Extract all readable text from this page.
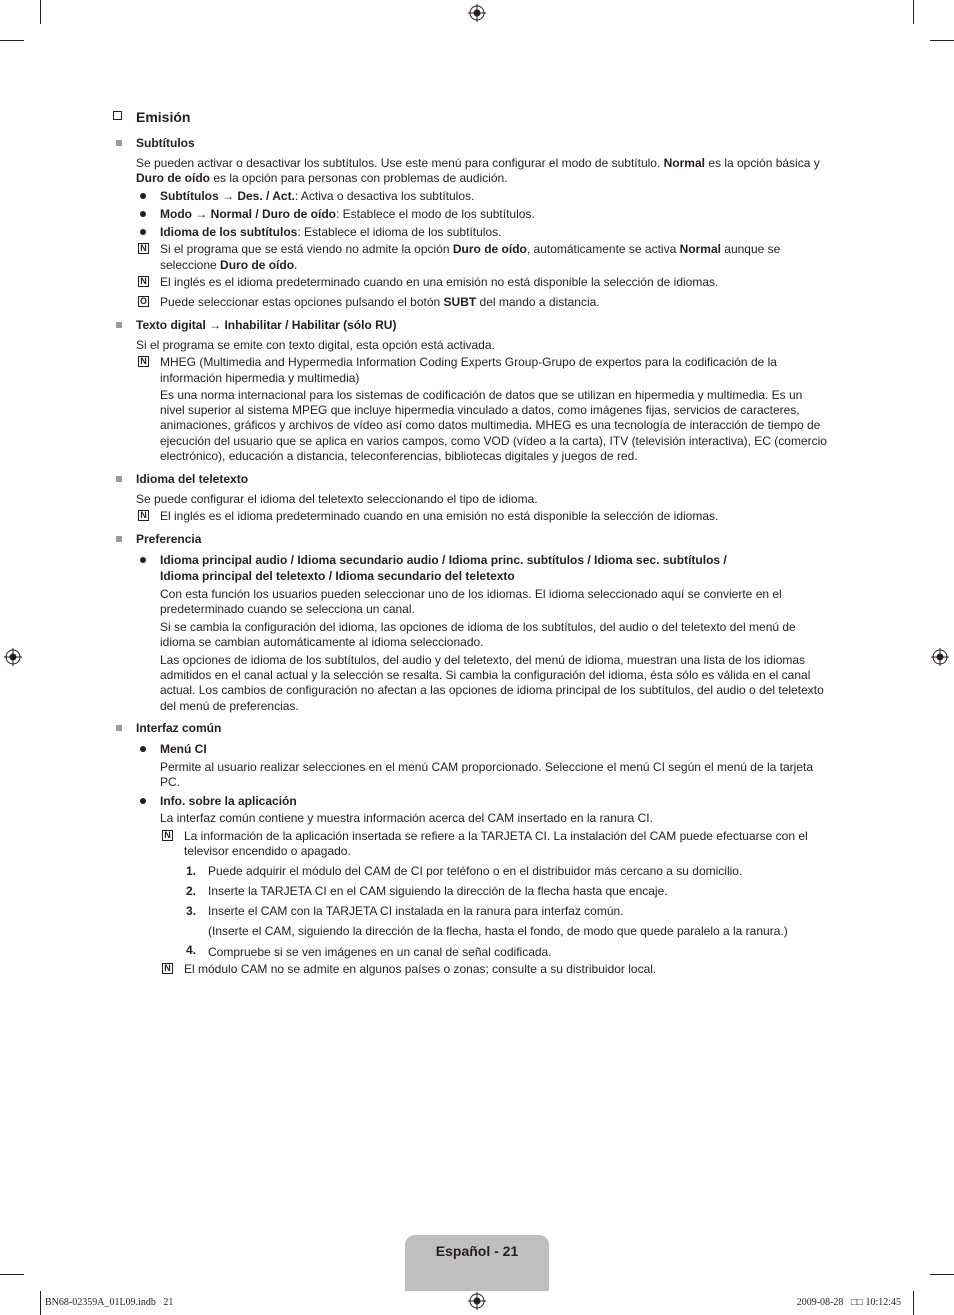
Emisión
Subtítulos
Se pueden activar o desactivar los subtítulos. Use este menú para configurar el modo de subtítulo. Normal es la opción básica y
Duro de oído es la opción para personas con problemas de audición.
Subtítulos → Des. / Act.: Activa o desactiva los subtítulos.
Modo → Normal / Duro de oído: Establece el modo de los subtítulos.
Idioma de los subtítulos: Establece el idioma de los subtítulos.
N Si el programa que se está viendo no admite la opción Duro de oído, automáticamente se activa Normal aunque se
seleccione Duro de oído.
N El inglés es el idioma predeterminado cuando en una emisión no está disponible la selección de idiomas.
O Puede seleccionar estas opciones pulsando el botón SUBT del mando a distancia.
Texto digital → Inhabilitar / Habilitar (sólo RU)
Si el programa se emite con texto digital, esta opción está activada.
N MHEG (Multimedia and Hypermedia Information Coding Experts Group-Grupo de expertos para la codificación de la
información hipermedia y multimedia)
Es una norma internacional para los sistemas de codificación de datos que se utilizan en hipermedia y multimedia. Es un
nivel superior al sistema MPEG que incluye hipermedia vinculado a datos, como imágenes fijas, servicios de caracteres,
animaciones, gráficos y archivos de vídeo así como datos multimedia. MHEG es una tecnología de interacción de tiempo de
ejecución del usuario que se aplica en varios campos, como VOD (vídeo a la carta), ITV (televisión interactiva), EC (comercio
electrónico), educación a distancia, teleconferencias, bibliotecas digitales y juegos de red.
Idioma del teletexto
Se puede configurar el idioma del teletexto seleccionando el tipo de idioma.
N El inglés es el idioma predeterminado cuando en una emisión no está disponible la selección de idiomas.
Preferencia
Idioma principal audio / Idioma secundario audio / Idioma princ. subtítulos / Idioma sec. subtítulos /
Idioma principal del teletexto / Idioma secundario del teletexto
Con esta función los usuarios pueden seleccionar uno de los idiomas. El idioma seleccionado aquí se convierte en el
predeterminado cuando se selecciona un canal.
Si se cambia la configuración del idioma, las opciones de idioma de los subtítulos, del audio o del teletexto del menú de
idioma se cambian automáticamente al idioma seleccionado.
Las opciones de idioma de los subtítulos, del audio y del teletexto, del menú de idioma, muestran una lista de los idiomas
admitidos en el canal actual y la selección se resalta. Si cambia la configuración del idioma, ésta sólo es válida en el canal
actual. Los cambios de configuración no afectan a las opciones de idioma principal de los subtítulos, del audio o del teletexto
del menú de preferencias.
Interfaz común
Menú CI
Permite al usuario realizar selecciones en el menú CAM proporcionado. Seleccione el menú CI según el menú de la tarjeta
PC.
Info. sobre la aplicación
La interfaz común contiene y muestra información acerca del CAM insertado en la ranura CI.
N La información de la aplicación insertada se refiere a la TARJETA CI. La instalación del CAM puede efectuarse con el
televisor encendido o apagado.
1. Puede adquirir el módulo del CAM de CI por teléfono o en el distribuidor más cercano a su domicilio.
2. Inserte la TARJETA CI en el CAM siguiendo la dirección de la flecha hasta que encaje.
3. Inserte el CAM con la TARJETA CI instalada en la ranura para interfaz común.
(Inserte el CAM, siguiendo la dirección de la flecha, hasta el fondo, de modo que quede paralelo a la ranura.)
4. Compruebe si se ven imágenes en un canal de señal codificada.
N El módulo CAM no se admite en algunos países o zonas; consulte a su distribuidor local.
Español - 21
BN68-02359A_01L09.indb   21	2009-08-28   □□ 10:12:45
